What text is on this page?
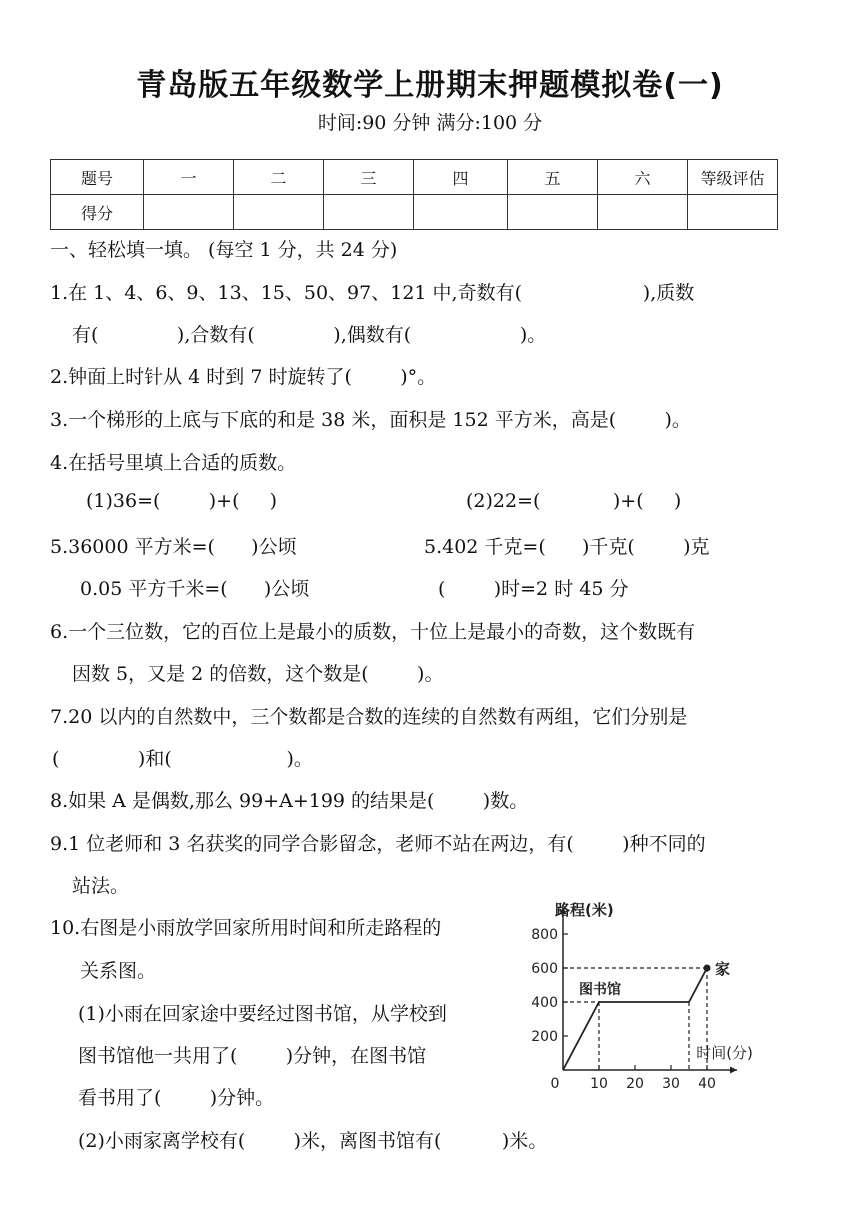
青岛版五年级数学上册期末押题模拟卷(一)
时间:90 分钟 满分:100 分
题号	一	二	三	四	五	六	等级评估
得分							
一、轻松填一填。 (每空 1 分，共 24 分)
1.在 1、4、6、9、13、15、50、97、121 中,奇数有(                    ),质数
有(             ),合数有(             ),偶数有(                  )。
2.钟面上时针从 4 时到 7 时旋转了(        )°。
3.一个梯形的上底与下底的和是 38 米，面积是 152 平方米，高是(        )。
4.在括号里填上合适的质数。
(1)36=(        )+(     )	(2)22=(            )+(     )
5.36000 平方米=(      )公顷	5.402 千克=(      )千克(        )克
0.05 平方千米=(      )公顷	(        )时=2 时 45 分
6.一个三位数，它的百位上是最小的质数，十位上是最小的奇数，这个数既有
因数 5，又是 2 的倍数，这个数是(        )。
7.20 以内的自然数中，三个数都是合数的连续的自然数有两组，它们分别是
(             )和(                   )。
8.如果 A 是偶数,那么 99+A+199 的结果是(        )数。
9.1 位老师和 3 名获奖的同学合影留念，老师不站在两边，有(        )种不同的
站法。
10.右图是小雨放学回家所用时间和所走路程的
关系图。
(1)小雨在回家途中要经过图书馆，从学校到
图书馆他一共用了(        )分钟，在图书馆
看书用了(        )分钟。
(2)小雨家离学校有(        )米，离图书馆有(          )米。
路程(米)
时间(分)
200
400
600
800
0 10 20 30 40
图书馆
家
